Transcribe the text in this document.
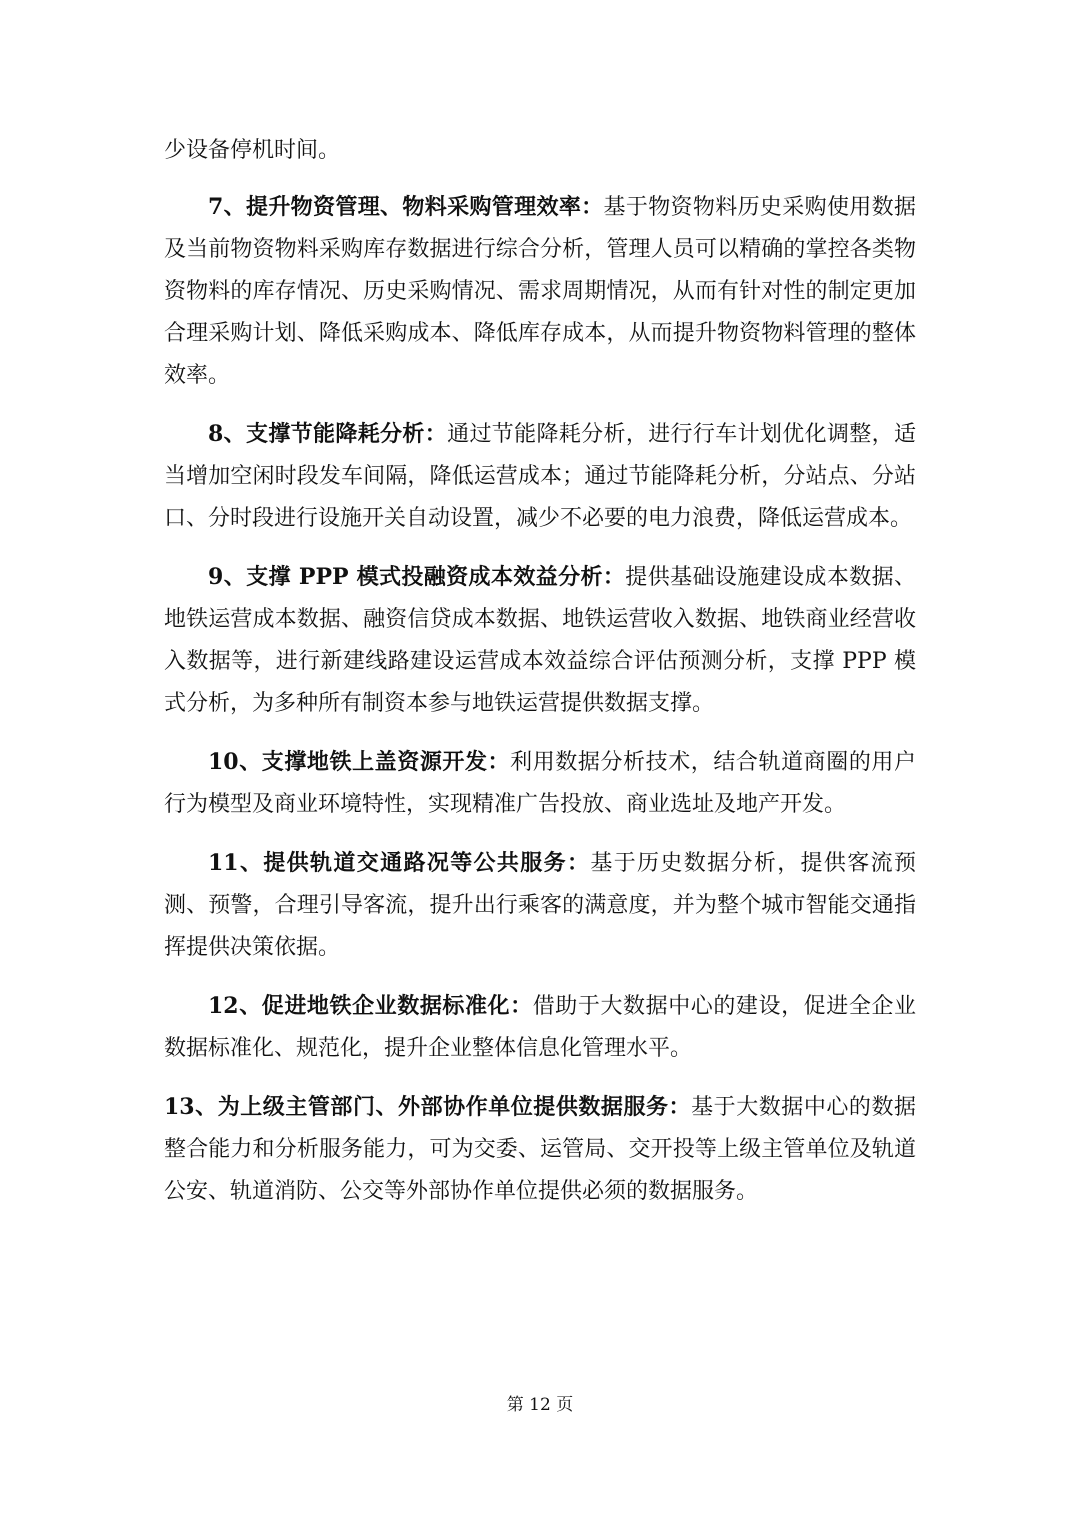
少设备停机时间。

7、提升物资管理、物料采购管理效率：基于物资物料历史采购使用数据及当前物资物料采购库存数据进行综合分析，管理人员可以精确的掌控各类物资物料的库存情况、历史采购情况、需求周期情况，从而有针对性的制定更加合理采购计划、降低采购成本、降低库存成本，从而提升物资物料管理的整体效率。

8、支撑节能降耗分析：通过节能降耗分析，进行行车计划优化调整，适当增加空闲时段发车间隔，降低运营成本；通过节能降耗分析，分站点、分站口、分时段进行设施开关自动设置，减少不必要的电力浪费，降低运营成本。

9、支撑 PPP 模式投融资成本效益分析：提供基础设施建设成本数据、地铁运营成本数据、融资信贷成本数据、地铁运营收入数据、地铁商业经营收入数据等，进行新建线路建设运营成本效益综合评估预测分析，支撑 PPP 模式分析，为多种所有制资本参与地铁运营提供数据支撑。

10、支撑地铁上盖资源开发：利用数据分析技术，结合轨道商圈的用户行为模型及商业环境特性，实现精准广告投放、商业选址及地产开发。

11、提供轨道交通路况等公共服务：基于历史数据分析，提供客流预测、预警，合理引导客流，提升出行乘客的满意度，并为整个城市智能交通指挥提供决策依据。

12、促进地铁企业数据标准化：借助于大数据中心的建设，促进全企业数据标准化、规范化，提升企业整体信息化管理水平。

13、为上级主管部门、外部协作单位提供数据服务：基于大数据中心的数据整合能力和分析服务能力，可为交委、运管局、交开投等上级主管单位及轨道公安、轨道消防、公交等外部协作单位提供必须的数据服务。

第 12 页
